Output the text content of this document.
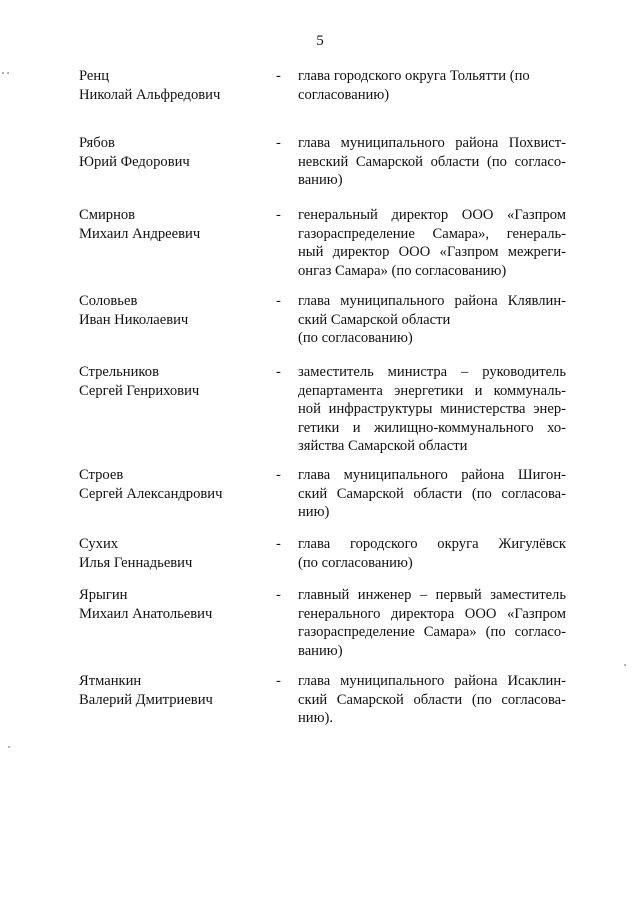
5
Ренц
Николай Альфредович
- глава городского округа Тольятти (по
согласованию)
Рябов
Юрий Федорович
- глава муниципального района Похвист-
невский Самарской области (по согласо-
ванию)
Смирнов
Михаил Андреевич
- генеральный директор ООО «Газпром
газораспределение Самара», генераль-
ный директор ООО «Газпром межреги-
онгаз Самара» (по согласованию)
Соловьев
Иван Николаевич
- глава муниципального района Клявлин-
ский Самарской области
(по согласованию)
Стрельников
Сергей Генрихович
- заместитель министра – руководитель
департамента энергетики и коммуналь-
ной инфраструктуры министерства энер-
гетики и жилищно-коммунального хо-
зяйства Самарской области
Строев
Сергей Александрович
- глава муниципального района Шигон-
ский Самарской области (по согласова-
нию)
Сухих
Илья Геннадьевич
- глава городского округа Жигулёвск
(по согласованию)
Ярыгин
Михаил Анатольевич
- главный инженер – первый заместитель
генерального директора ООО «Газпром
газораспределение Самара» (по согласо-
ванию)
Ятманкин
Валерий Дмитриевич
- глава муниципального района Исаклин-
ский Самарской области (по согласова-
нию).
